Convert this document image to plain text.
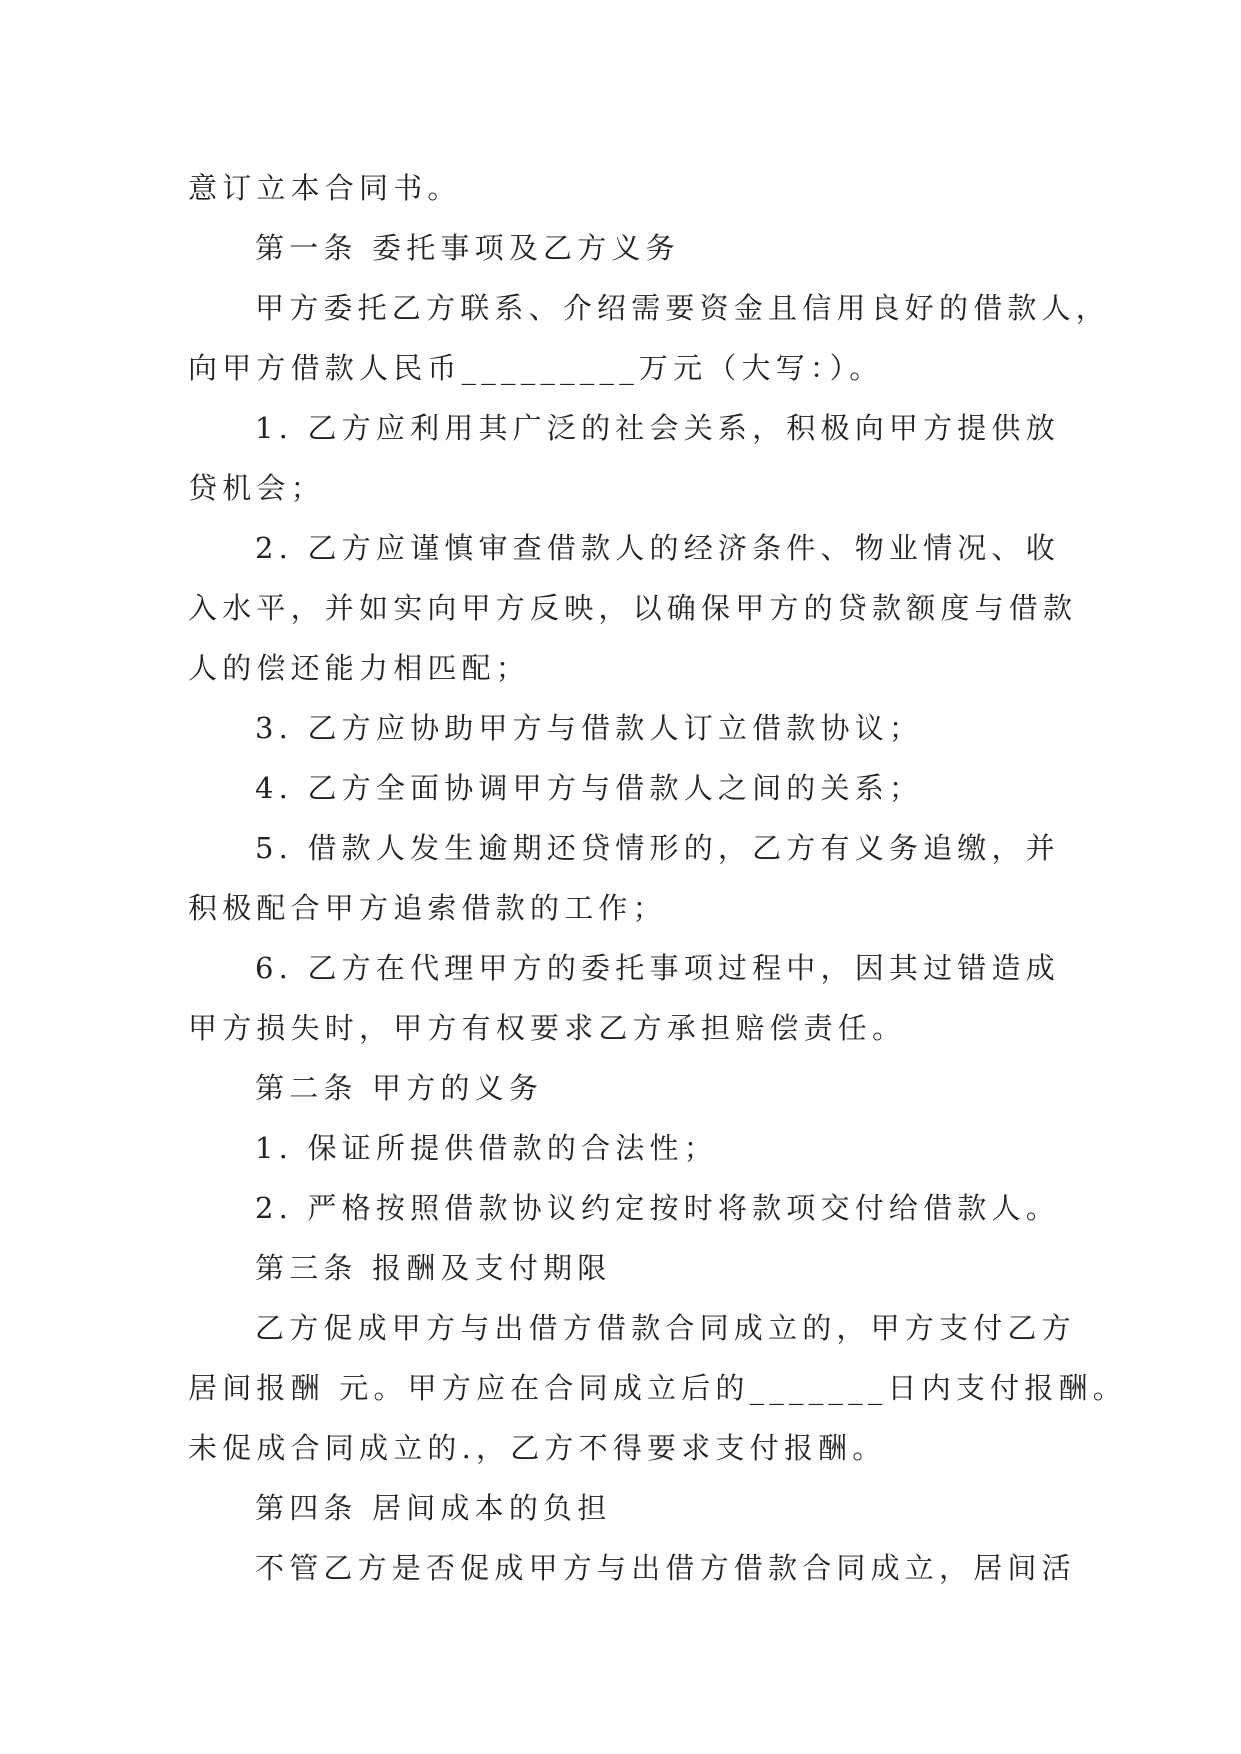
意订立本合同书。
第一条 委托事项及乙方义务
甲方委托乙方联系、介绍需要资金且信用良好的借款人，
向甲方借款人民币_________万元（大写：）。
1. 乙方应利用其广泛的社会关系，积极向甲方提供放
贷机会；
2. 乙方应谨慎审查借款人的经济条件、物业情况、收
入水平，并如实向甲方反映，以确保甲方的贷款额度与借款
人的偿还能力相匹配；
3. 乙方应协助甲方与借款人订立借款协议；
4. 乙方全面协调甲方与借款人之间的关系；
5. 借款人发生逾期还贷情形的，乙方有义务追缴，并
积极配合甲方追索借款的工作；
6. 乙方在代理甲方的委托事项过程中，因其过错造成
甲方损失时，甲方有权要求乙方承担赔偿责任。
第二条 甲方的义务
1. 保证所提供借款的合法性；
2. 严格按照借款协议约定按时将款项交付给借款人。
第三条 报酬及支付期限
乙方促成甲方与出借方借款合同成立的，甲方支付乙方
居间报酬 元。甲方应在合同成立后的_______日内支付报酬。
未促成合同成立的.，乙方不得要求支付报酬。
第四条 居间成本的负担
不管乙方是否促成甲方与出借方借款合同成立，居间活
